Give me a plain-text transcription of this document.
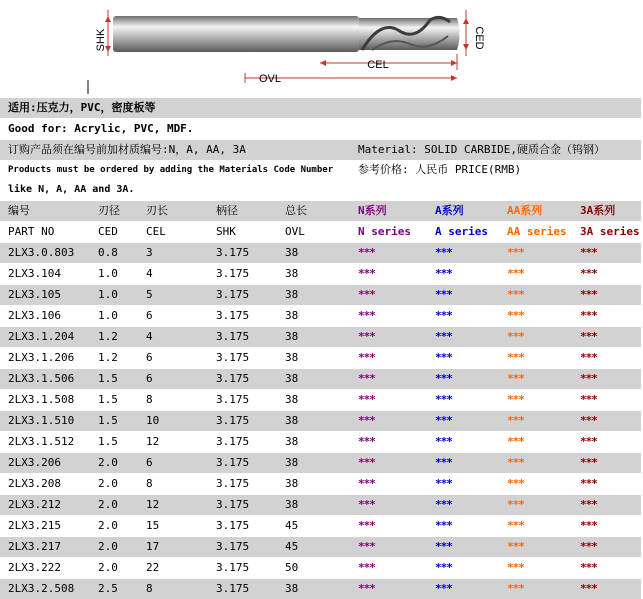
SHK	CED
CEL
OVL
适用:压克力，PVC，密度板等
Good for: Acrylic, PVC, MDF.
订购产品须在编号前加材质编号:N，A, AA, 3A	Material: SOLID CARBIDE,硬质合金（钨钢）
Products must be ordered by adding the Materials Code Number 参考价格: 人民币 PRICE(RMB)
like N, A, AA and 3A.
编号	刃径 刃长	柄径	总长	N系列	A系列	AA系列	3A系列
PART NO	CED	CEL	SHK	OVL	N series A series AA series 3A series
2LX3.0.803 0.8	3	3.175	38	***	***	***	***
2LX3.104	1.0	4	3.175	38	***	***	***	***
2LX3.105	1.0	5	3.175	38	***	***	***	***
2LX3.106	1.0	6	3.175	38	***	***	***	***
2LX3.1.204 1.2	4	3.175	38	***	***	***	***
2LX3.1.206 1.2	6	3.175	38	***	***	***	***
2LX3.1.506 1.5	6	3.175	38	***	***	***	***
2LX3.1.508 1.5	8	3.175	38	***	***	***	***
2LX3.1.510 1.5	10	3.175	38	***	***	***	***
2LX3.1.512 1.5	12	3.175	38	***	***	***	***
2LX3.206	2.0	6	3.175	38	***	***	***	***
2LX3.208	2.0	8	3.175	38	***	***	***	***
2LX3.212	2.0	12	3.175	38	***	***	***	***
2LX3.215	2.0	15	3.175	45	***	***	***	***
2LX3.217	2.0	17	3.175	45	***	***	***	***
2LX3.222	2.0	22	3.175	50	***	***	***	***
2LX3.2.508 2.5	8	3.175	38	***	***	***	***
